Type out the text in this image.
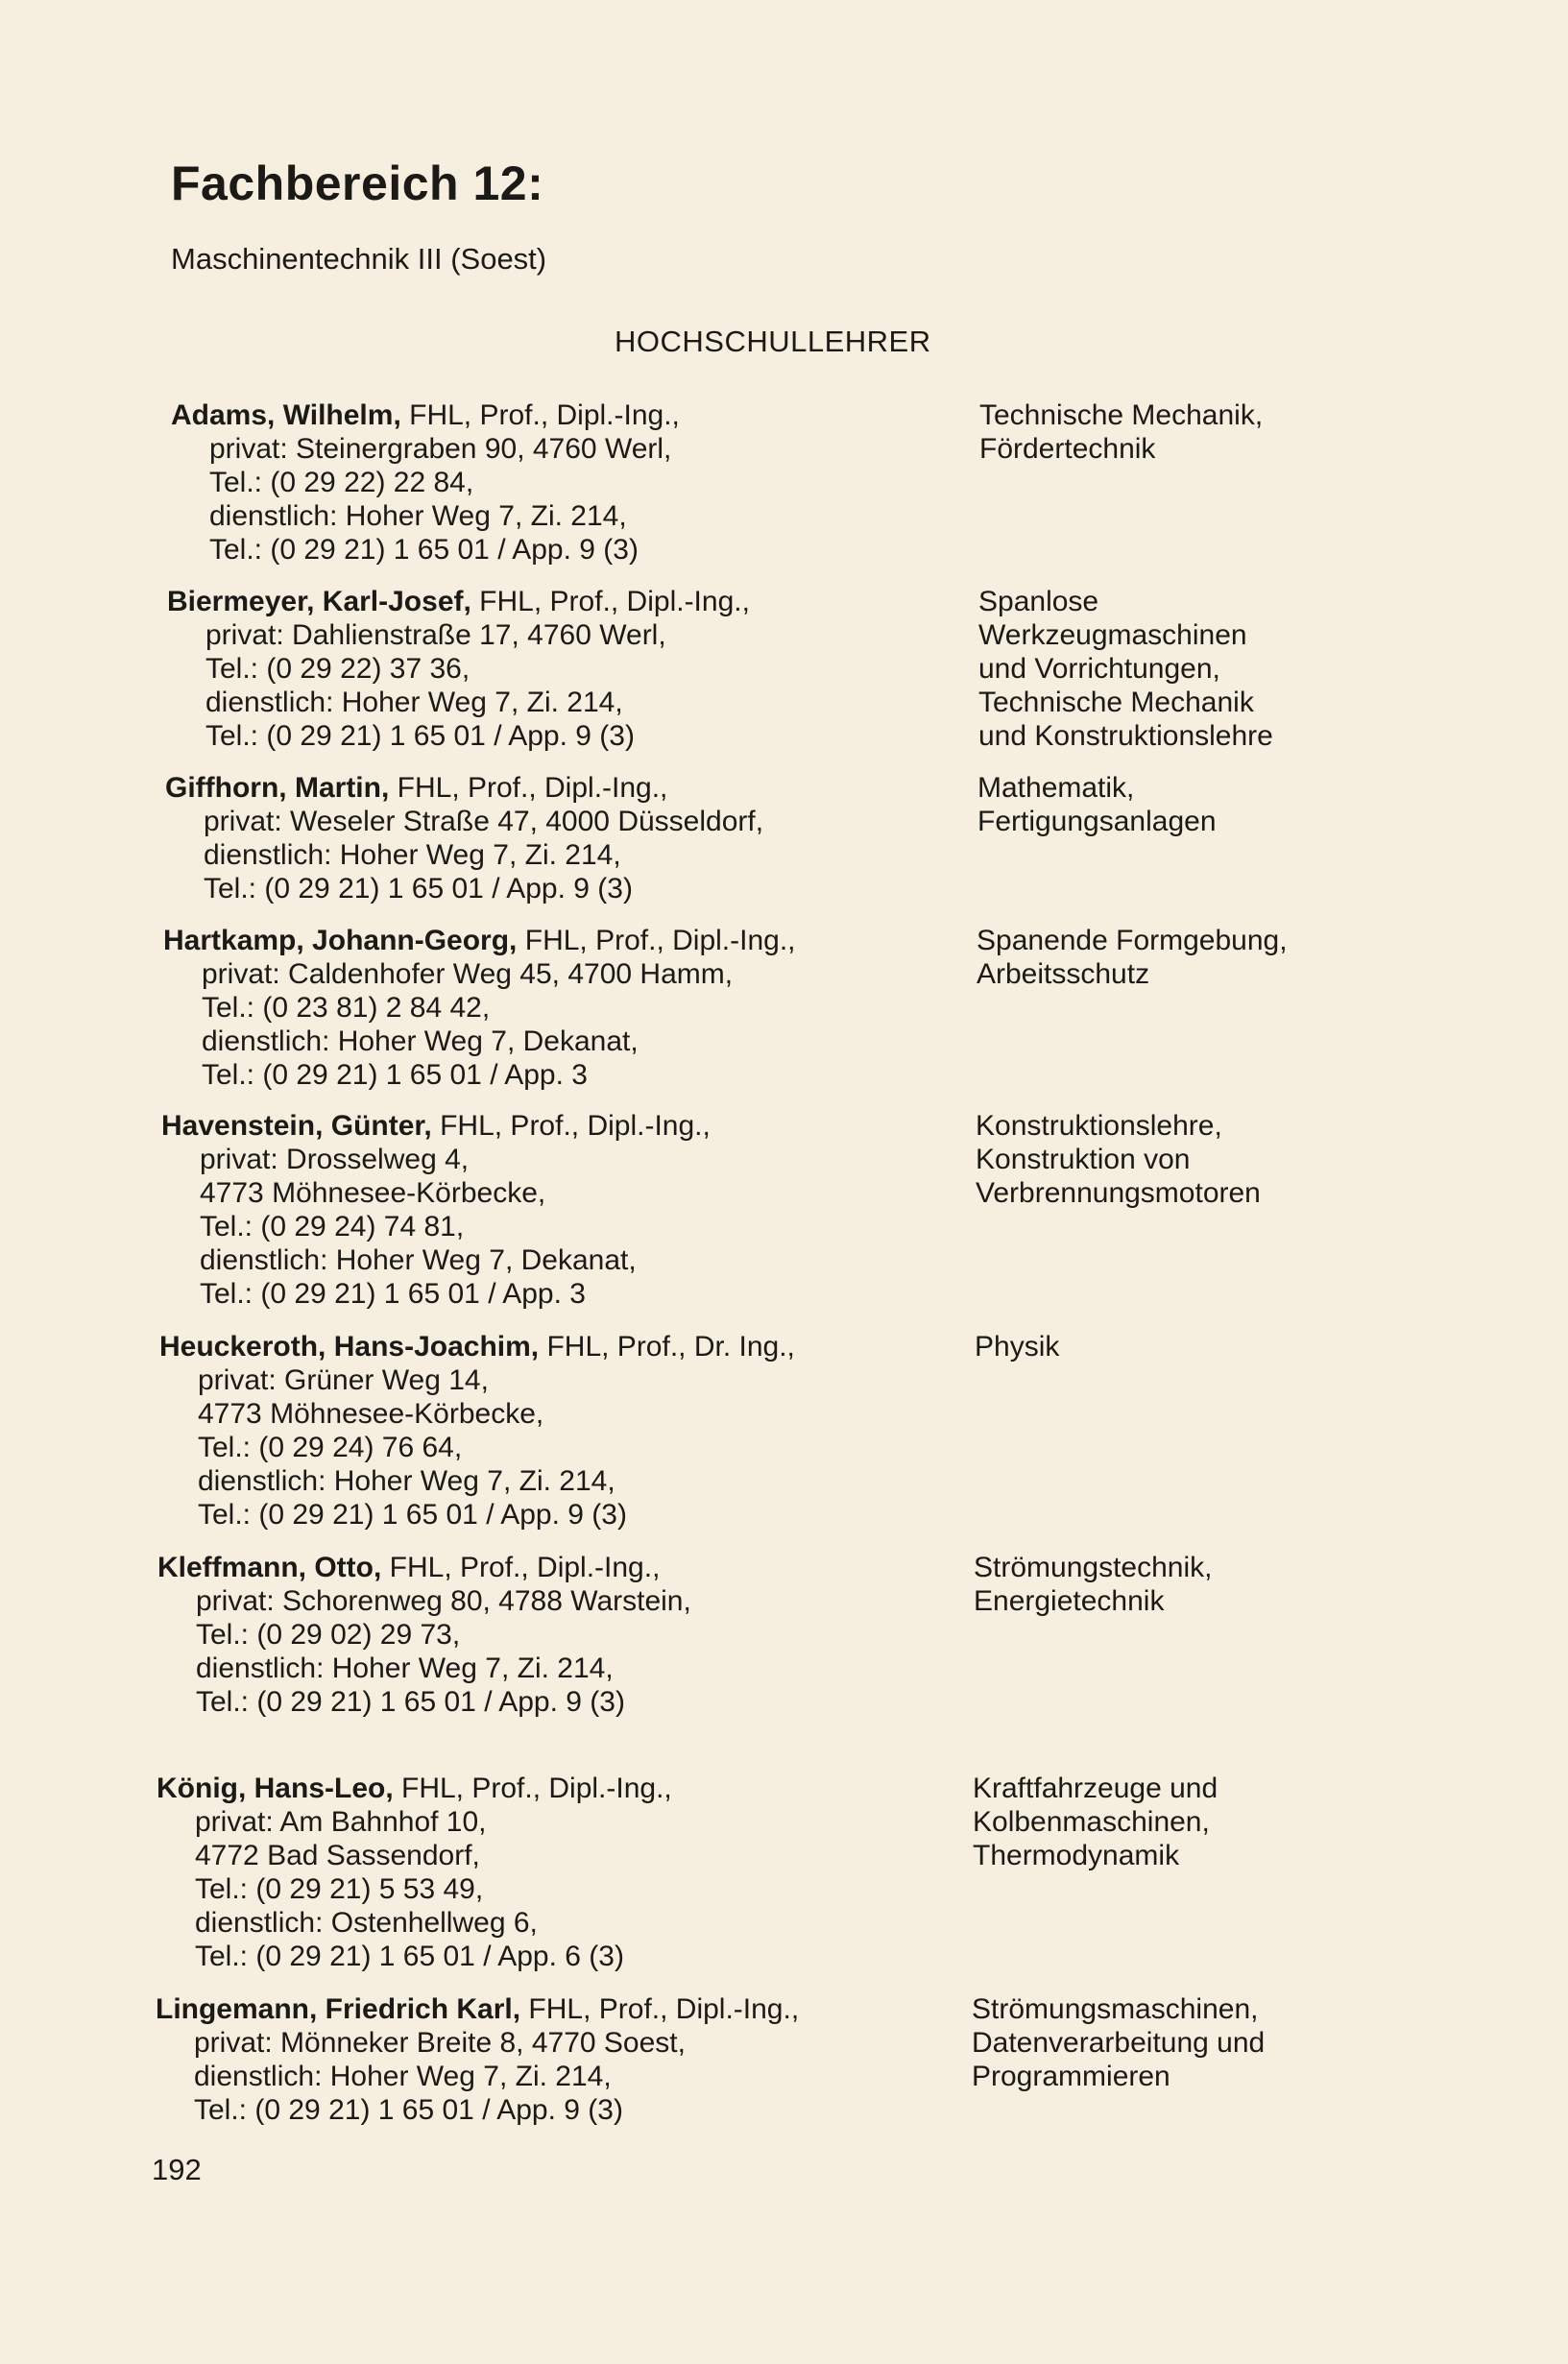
Fachbereich 12:

Maschinentechnik III (Soest)

HOCHSCHULLEHRER

Adams, Wilhelm, FHL, Prof., Dipl.-Ing.,
privat: Steinergraben 90, 4760 Werl,
Tel.: (0 29 22) 22 84,
dienstlich: Hoher Weg 7, Zi. 214,
Tel.: (0 29 21) 1 65 01 / App. 9 (3)
Technische Mechanik,
Fördertechnik
Biermeyer, Karl-Josef, FHL, Prof., Dipl.-Ing.,
privat: Dahlienstraße 17, 4760 Werl,
Tel.: (0 29 22) 37 36,
dienstlich: Hoher Weg 7, Zi. 214,
Tel.: (0 29 21) 1 65 01 / App. 9 (3)
Spanlose
Werkzeugmaschinen
und Vorrichtungen,
Technische Mechanik
und Konstruktionslehre
Giffhorn, Martin, FHL, Prof., Dipl.-Ing.,
privat: Weseler Straße 47, 4000 Düsseldorf,
dienstlich: Hoher Weg 7, Zi. 214,
Tel.: (0 29 21) 1 65 01 / App. 9 (3)
Mathematik,
Fertigungsanlagen
Hartkamp, Johann-Georg, FHL, Prof., Dipl.-Ing.,
privat: Caldenhofer Weg 45, 4700 Hamm,
Tel.: (0 23 81) 2 84 42,
dienstlich: Hoher Weg 7, Dekanat,
Tel.: (0 29 21) 1 65 01 / App. 3
Spanende Formgebung,
Arbeitsschutz
Havenstein, Günter, FHL, Prof., Dipl.-Ing.,
privat: Drosselweg 4,
4773 Möhnesee-Körbecke,
Tel.: (0 29 24) 74 81,
dienstlich: Hoher Weg 7, Dekanat,
Tel.: (0 29 21) 1 65 01 / App. 3
Konstruktionslehre,
Konstruktion von
Verbrennungsmotoren
Heuckeroth, Hans-Joachim, FHL, Prof., Dr. Ing.,
privat: Grüner Weg 14,
4773 Möhnesee-Körbecke,
Tel.: (0 29 24) 76 64,
dienstlich: Hoher Weg 7, Zi. 214,
Tel.: (0 29 21) 1 65 01 / App. 9 (3)
Physik
Kleffmann, Otto, FHL, Prof., Dipl.-Ing.,
privat: Schorenweg 80, 4788 Warstein,
Tel.: (0 29 02) 29 73,
dienstlich: Hoher Weg 7, Zi. 214,
Tel.: (0 29 21) 1 65 01 / App. 9 (3)
Strömungstechnik,
Energietechnik
König, Hans-Leo, FHL, Prof., Dipl.-Ing.,
privat: Am Bahnhof 10,
4772 Bad Sassendorf,
Tel.: (0 29 21) 5 53 49,
dienstlich: Ostenhellweg 6,
Tel.: (0 29 21) 1 65 01 / App. 6 (3)
Kraftfahrzeuge und
Kolbenmaschinen,
Thermodynamik
Lingemann, Friedrich Karl, FHL, Prof., Dipl.-Ing.,
privat: Mönneker Breite 8, 4770 Soest,
dienstlich: Hoher Weg 7, Zi. 214,
Tel.: (0 29 21) 1 65 01 / App. 9 (3)
Strömungsmaschinen,
Datenverarbeitung und
Programmieren

192
